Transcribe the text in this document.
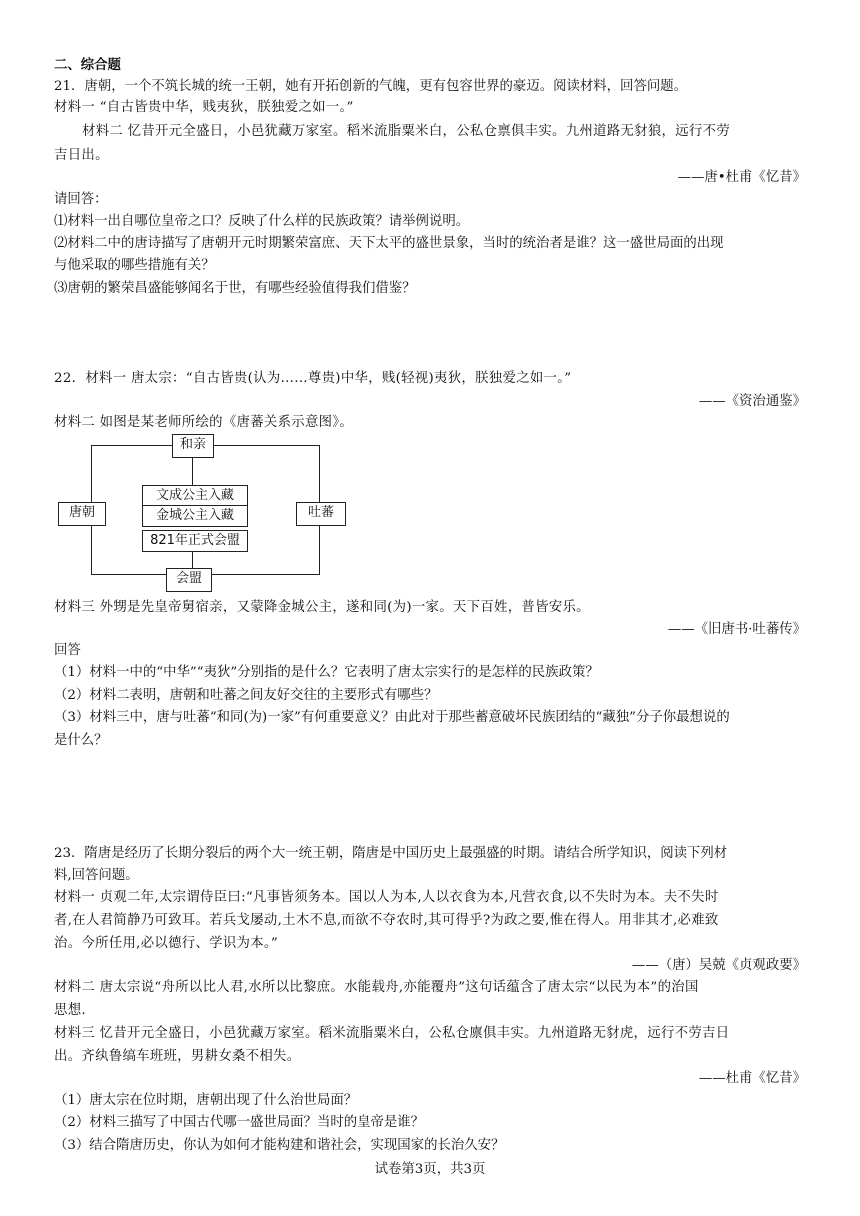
二、综合题
21．唐朝，一个不筑长城的统一王朝，她有开拓创新的气魄，更有包容世界的豪迈。阅读材料，回答问题。
材料一 “自古皆贵中华，贱夷狄，朕独爱之如一。”
材料二 忆昔开元全盛日，小邑犹藏万家室。稻米流脂粟米白，公私仓禀俱丰实。九州道路无豺狼，远行不劳
吉日出。
——唐•杜甫《忆昔》
请回答：
⑴材料一出自哪位皇帝之口？反映了什么样的民族政策？请举例说明。
⑵材料二中的唐诗描写了唐朝开元时期繁荣富庶、天下太平的盛世景象，当时的统治者是谁？这一盛世局面的出现
与他采取的哪些措施有关？
⑶唐朝的繁荣昌盛能够闻名于世，有哪些经验值得我们借鉴？
22．材料一 唐太宗：“自古皆贵(认为……尊贵)中华，贱(轻视)夷狄，朕独爱之如一。”
——《资治通鉴》
材料二 如图是某老师所绘的《唐蕃关系示意图》。
和亲
唐朝	吐蕃
文成公主入藏
金城公主入藏
821年正式会盟
会盟
材料三 外甥是先皇帝舅宿亲，又蒙降金城公主，遂和同(为)一家。天下百姓，普皆安乐。
——《旧唐书·吐蕃传》
回答
（1）材料一中的“中华”“夷狄”分别指的是什么？它表明了唐太宗实行的是怎样的民族政策？
（2）材料二表明，唐朝和吐蕃之间友好交往的主要形式有哪些？
（3）材料三中，唐与吐蕃“和同(为)一家”有何重要意义？由此对于那些蓄意破坏民族团结的“藏独”分子你最想说的
是什么？
23．隋唐是经历了长期分裂后的两个大一统王朝，隋唐是中国历史上最强盛的时期。请结合所学知识，阅读下列材
料,回答问题。
材料一 贞观二年,太宗谓侍臣曰:“凡事皆须务本。国以人为本,人以衣食为本,凡营衣食,以不失时为本。夫不失时
者,在人君简静乃可致耳。若兵戈屡动,土木不息,而欲不夺农时,其可得乎?为政之要,惟在得人。用非其才,必难致
治。今所任用,必以德行、学识为本。”
——（唐）吴兢《贞观政要》
材料二 唐太宗说“舟所以比人君,水所以比黎庶。水能载舟,亦能覆舟”这句话蕴含了唐太宗“以民为本”的治国
思想.
材料三 忆昔开元全盛日，小邑犹藏万家室。稻米流脂粟米白，公私仓廪俱丰实。九州道路无豺虎，远行不劳吉日
出。齐纨鲁缟车班班，男耕女桑不相失。
——杜甫《忆昔》
（1）唐太宗在位时期，唐朝出现了什么治世局面？
（2）材料三描写了中国古代哪一盛世局面？当时的皇帝是谁？
（3）结合隋唐历史，你认为如何才能构建和谐社会，实现国家的长治久安？
试卷第3页，共3页
